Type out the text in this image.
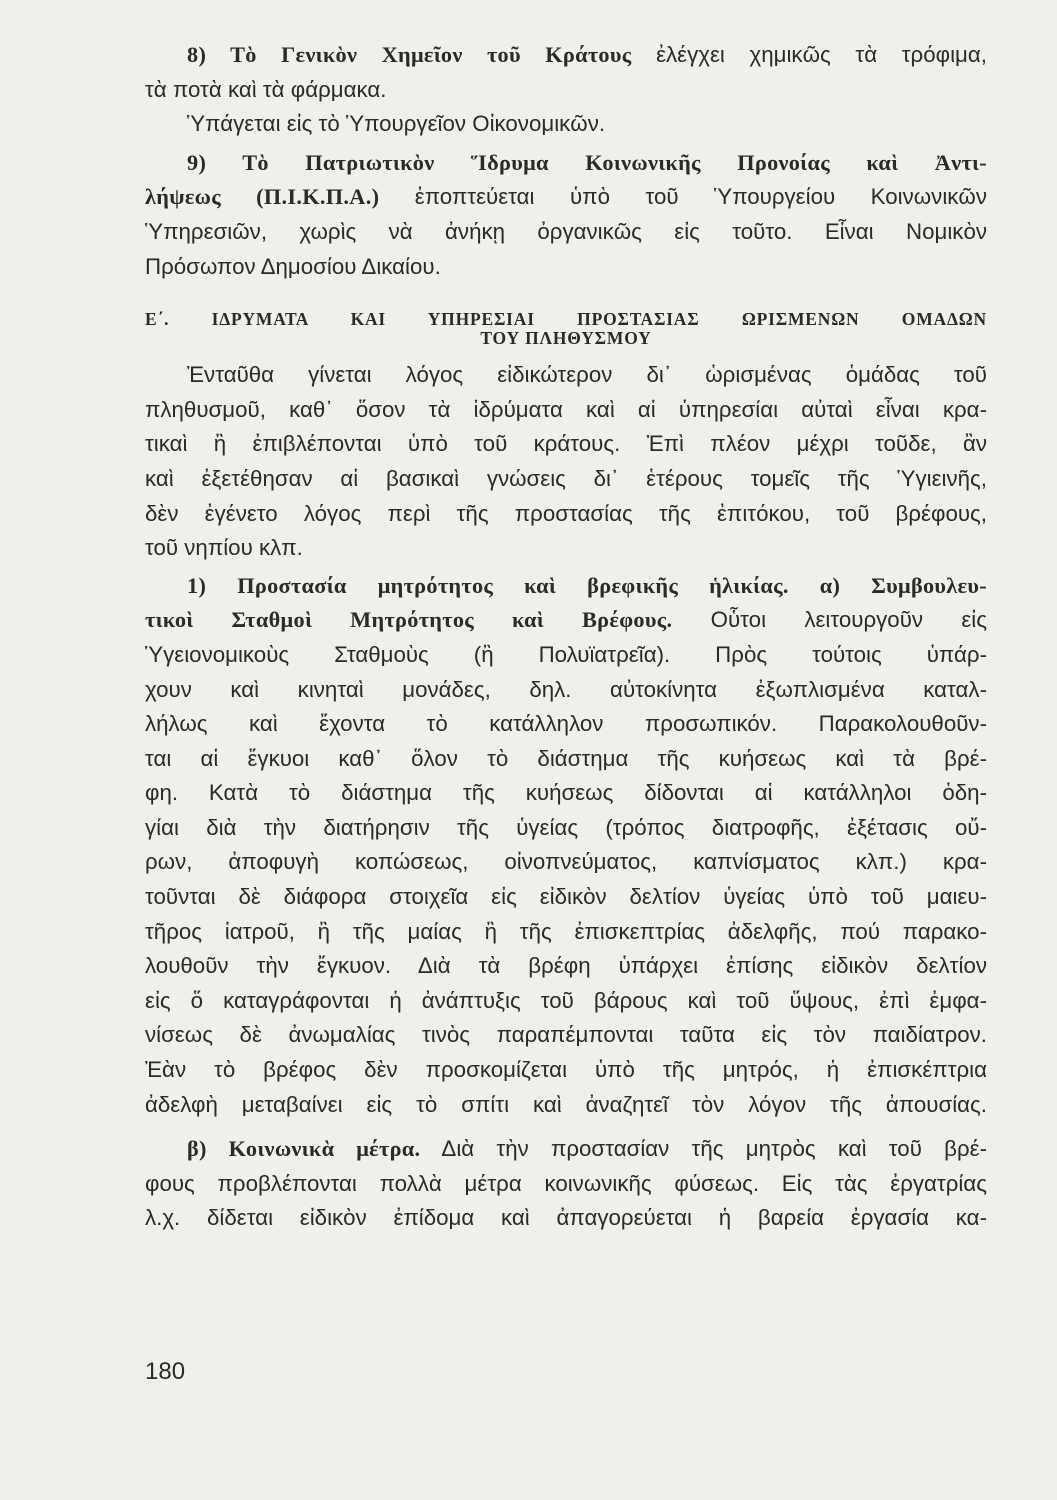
8) Τὸ Γενικὸν Χημεῖον τοῦ Κράτους ἐλέγχει χημικῶς τὰ τρόφιμα,

τὰ ποτὰ καὶ τὰ φάρμακα.

Ὑπάγεται εἰς τὸ Ὑπουργεῖον Οἰκονομικῶν.

9) Τὸ Πατριωτικὸν Ἵδρυμα Κοινωνικῆς Προνοίας καὶ Ἀντι-

λήψεως (Π.Ι.Κ.Π.Α.) ἐποπτεύεται ὑπὸ τοῦ Ὑπουργείου Κοινωνικῶν

Ὑπηρεσιῶν, χωρὶς νὰ ἀνήκῃ ὀργανικῶς εἰς τοῦτο. Εἶναι Νομικὸν

Πρόσωπον Δημοσίου Δικαίου.

Ε΄. ΙΔΡΥΜΑΤΑ ΚΑΙ ΥΠΗΡΕΣΙΑΙ ΠΡΟΣΤΑΣΙΑΣ ΩΡΙΣΜΕΝΩΝ ΟΜΑΔΩΝ

ΤΟΥ ΠΛΗΘΥΣΜΟΥ

Ἐνταῦθα γίνεται λόγος εἰδικώτερον δι᾽ ὡρισμένας ὁμάδας τοῦ

πληθυσμοῦ, καθ᾽ ὅσον τὰ ἱδρύματα καὶ αἱ ὑπηρεσίαι αὐταὶ εἶναι κρα-

τικαὶ ἢ ἐπιβλέπονται ὑπὸ τοῦ κράτους. Ἐπὶ πλέον μέχρι τοῦδε, ἂν

καὶ ἐξετέθησαν αἱ βασικαὶ γνώσεις δι᾽ ἑτέρους τομεῖς τῆς Ὑγιεινῆς,

δὲν ἐγένετο λόγος περὶ τῆς προστασίας τῆς ἐπιτόκου, τοῦ βρέφους,

τοῦ νηπίου κλπ.

1) Προστασία μητρότητος καὶ βρεφικῆς ἡλικίας. α) Συμβουλευ-

τικοὶ Σταθμοὶ Μητρότητος καὶ Βρέφους. Οὗτοι λειτουργοῦν εἰς

Ὑγειονομικοὺς Σταθμοὺς (ἢ Πολυϊατρεῖα). Πρὸς τούτοις ὑπάρ-

χουν καὶ κινηταὶ μονάδες, δηλ. αὐτοκίνητα ἐξωπλισμένα καταλ-

λήλως καὶ ἔχοντα τὸ κατάλληλον προσωπικόν. Παρακολουθοῦν-

ται αἱ ἔγκυοι καθ᾽ ὅλον τὸ διάστημα τῆς κυήσεως καὶ τὰ βρέ-

φη. Κατὰ τὸ διάστημα τῆς κυήσεως δίδονται αἱ κατάλληλοι ὁδη-

γίαι διὰ τὴν διατήρησιν τῆς ὑγείας (τρόπος διατροφῆς, ἐξέτασις οὔ-

ρων, ἀποφυγὴ κοπώσεως, οἰνοπνεύματος, καπνίσματος κλπ.) κρα-

τοῦνται δὲ διάφορα στοιχεῖα εἰς εἰδικὸν δελτίον ὑγείας ὑπὸ τοῦ μαιευ-

τῆρος ἰατροῦ, ἢ τῆς μαίας ἢ τῆς ἐπισκεπτρίας ἀδελφῆς, πού παρακο-

λουθοῦν τὴν ἔγκυον. Διὰ τὰ βρέφη ὑπάρχει ἐπίσης εἰδικὸν δελτίον

εἰς ὅ καταγράφονται ἡ ἀνάπτυξις τοῦ βάρους καὶ τοῦ ὕψους, ἐπὶ ἐμφα-

νίσεως δὲ ἀνωμαλίας τινὸς παραπέμπονται ταῦτα εἰς τὸν παιδίατρον.

Ἐὰν τὸ βρέφος δὲν προσκομίζεται ὑπὸ τῆς μητρός, ἡ ἐπισκέπτρια

ἀδελφὴ μεταβαίνει εἰς τὸ σπίτι καὶ ἀναζητεῖ τὸν λόγον τῆς ἀπουσίας.

β) Κοινωνικὰ μέτρα. Διὰ τὴν προστασίαν τῆς μητρὸς καὶ τοῦ βρέ-

φους προβλέπονται πολλὰ μέτρα κοινωνικῆς φύσεως. Εἰς τὰς ἐργατρίας

λ.χ. δίδεται εἰδικὸν ἐπίδομα καὶ ἀπαγορεύεται ἡ βαρεία ἐργασία κα-

180
